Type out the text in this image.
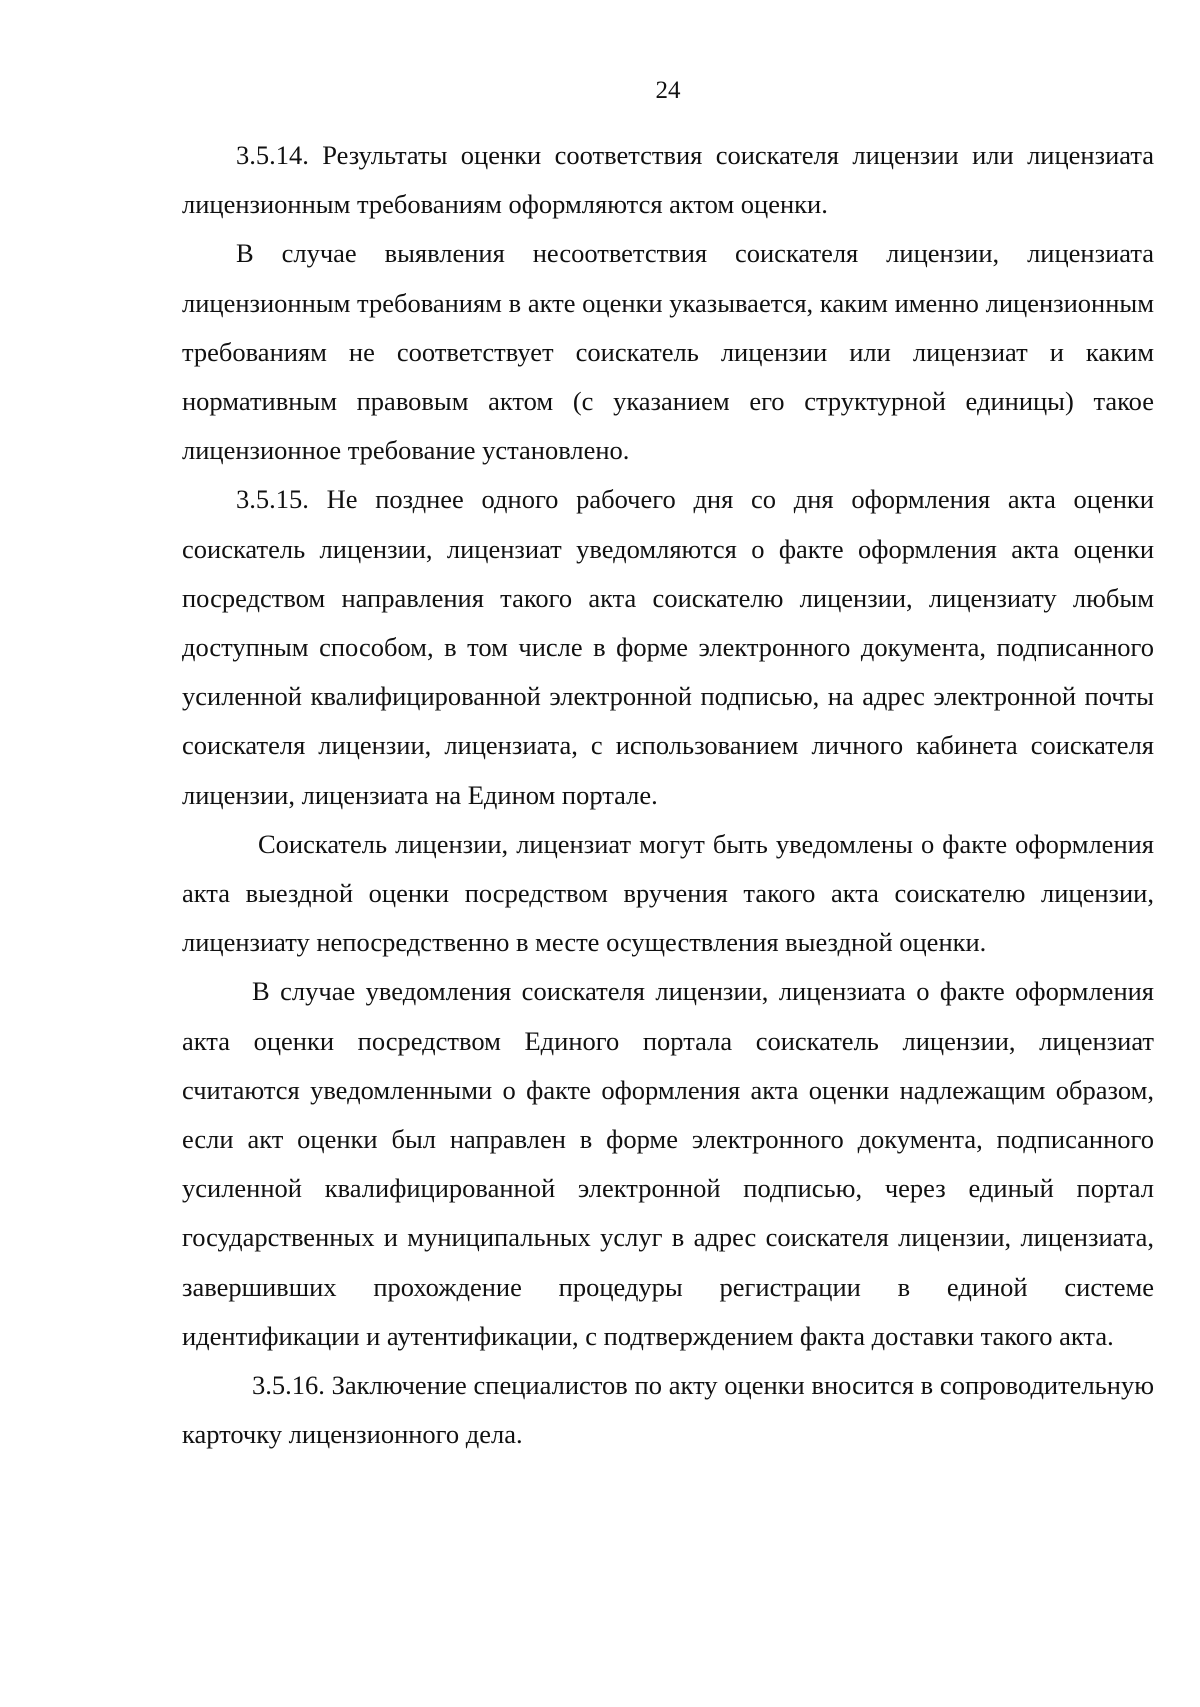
24

3.5.14. Результаты оценки соответствия соискателя лицензии или лицензиата лицензионным требованиям оформляются актом оценки.

В случае выявления несоответствия соискателя лицензии, лицензиата лицензионным требованиям в акте оценки указывается, каким именно лицензионным требованиям не соответствует соискатель лицензии или лицензиат и каким нормативным правовым актом (с указанием его структурной единицы) такое лицензионное требование установлено.

3.5.15. Не позднее одного рабочего дня со дня оформления акта оценки соискатель лицензии, лицензиат уведомляются о факте оформления акта оценки посредством направления такого акта соискателю лицензии, лицензиату любым доступным способом, в том числе в форме электронного документа, подписанного усиленной квалифицированной электронной подписью, на адрес электронной почты соискателя лицензии, лицензиата, с использованием личного кабинета соискателя лицензии, лицензиата на Едином портале.

Соискатель лицензии, лицензиат могут быть уведомлены о факте оформления акта выездной оценки посредством вручения такого акта соискателю лицензии, лицензиату непосредственно в месте осуществления выездной оценки.

В случае уведомления соискателя лицензии, лицензиата о факте оформления акта оценки посредством Единого портала соискатель лицензии, лицензиат считаются уведомленными о факте оформления акта оценки надлежащим образом, если акт оценки был направлен в форме электронного документа, подписанного усиленной квалифицированной электронной подписью, через единый портал государственных и муниципальных услуг в адрес соискателя лицензии, лицензиата, завершивших прохождение процедуры регистрации в единой системе идентификации и аутентификации, с подтверждением факта доставки такого акта.

3.5.16. Заключение специалистов по акту оценки вносится в сопроводительную карточку лицензионного дела.
